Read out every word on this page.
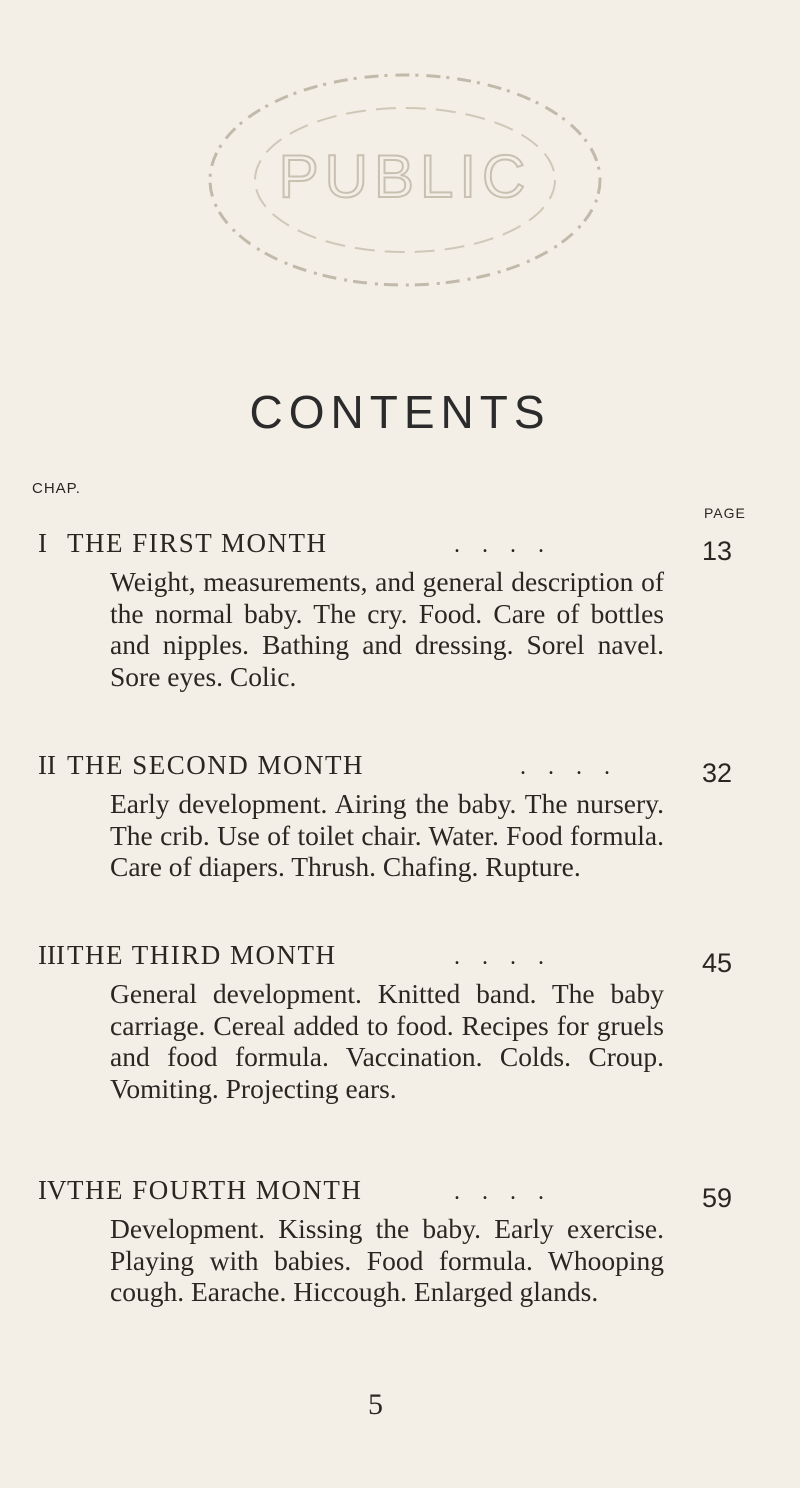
PUBLIC
CONTENTS
CHAP.
PAGE
I THE FIRST MONTH	....	13
Weight, measurements, and general description of the normal baby. The cry. Food. Care of bottles and nipples. Bathing and dressing. Sorel navel. Sore eyes. Colic.
II THE SECOND MONTH	....	32
Early development. Airing the baby. The nursery. The crib. Use of toilet chair. Water. Food formula. Care of diapers. Thrush. Chafing. Rupture.
III THE THIRD MONTH	....	45
General development. Knitted band. The baby carriage. Cereal added to food. Recipes for gruels and food formula. Vaccination. Colds. Croup. Vomiting. Projecting ears.
IV THE FOURTH MONTH	....	59
Development. Kissing the baby. Early exercise. Playing with babies. Food formula. Whooping cough. Earache. Hiccough. Enlarged glands.
5
